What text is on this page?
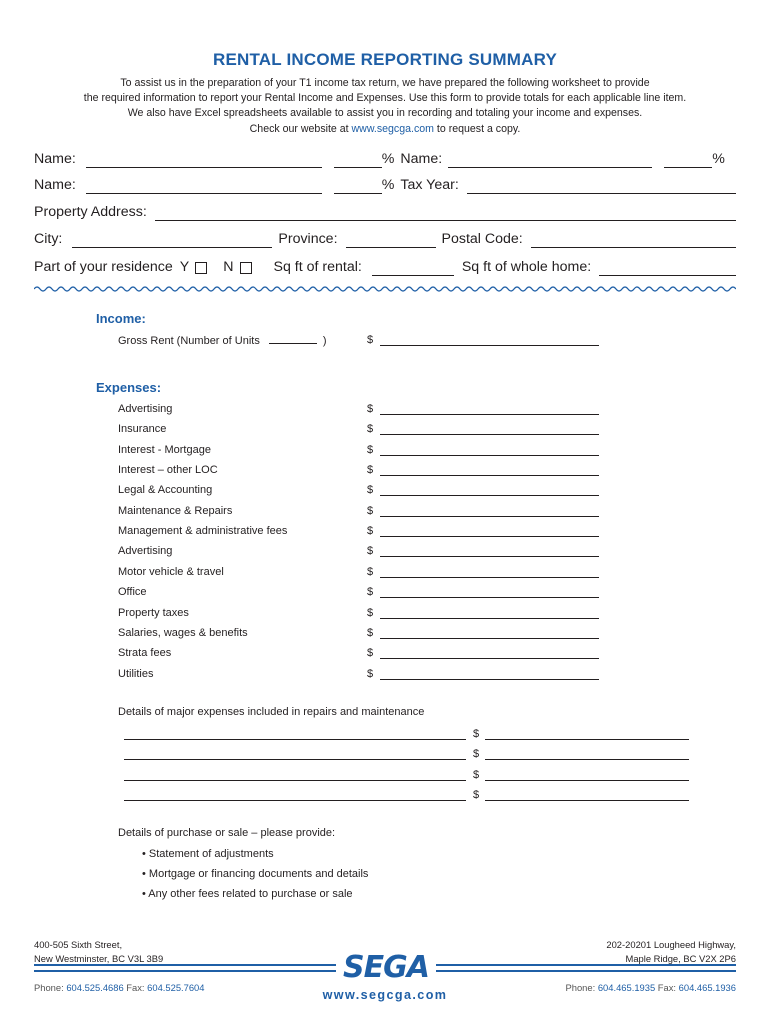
RENTAL INCOME REPORTING SUMMARY
To assist us in the preparation of your T1 income tax return, we have prepared the following worksheet to provide
the required information to report your Rental Income and Expenses. Use this form to provide totals for each applicable line item.
We also have Excel spreadsheets available to assist you in recording and totaling your income and expenses.
Check our website at www.segcga.com to request a copy.
Name:	% Name:	%
Name:	% Tax Year:
Property Address:
City:	Province:	Postal Code:
Part of your residence Y N	Sq ft of rental:	Sq ft of whole home:
Income:
Gross Rent (Number of Units	)	$
Expenses:
Advertising	$
Insurance	$
Interest - Mortgage	$
Interest – other LOC	$
Legal & Accounting	$
Maintenance & Repairs	$
Management & administrative fees	$
Advertising	$
Motor vehicle & travel	$
Office	$
Property taxes	$
Salaries, wages & benefits	$
Strata fees	$
Utilities	$
Details of major expenses included in repairs and maintenance
$
$
$
$
Details of purchase or sale – please provide:
• Statement of adjustments
• Mortgage or financing documents and details
• Any other fees related to purchase or sale
400-505 Sixth Street,
New Westminster, BC V3L 3B9
202-20201 Lougheed Highway,
Maple Ridge, BC V2X 2P6
SEGA
Phone: 604.525.4686 Fax: 604.525.7604	Phone: 604.465.1935 Fax: 604.465.1936
www.segcga.com
